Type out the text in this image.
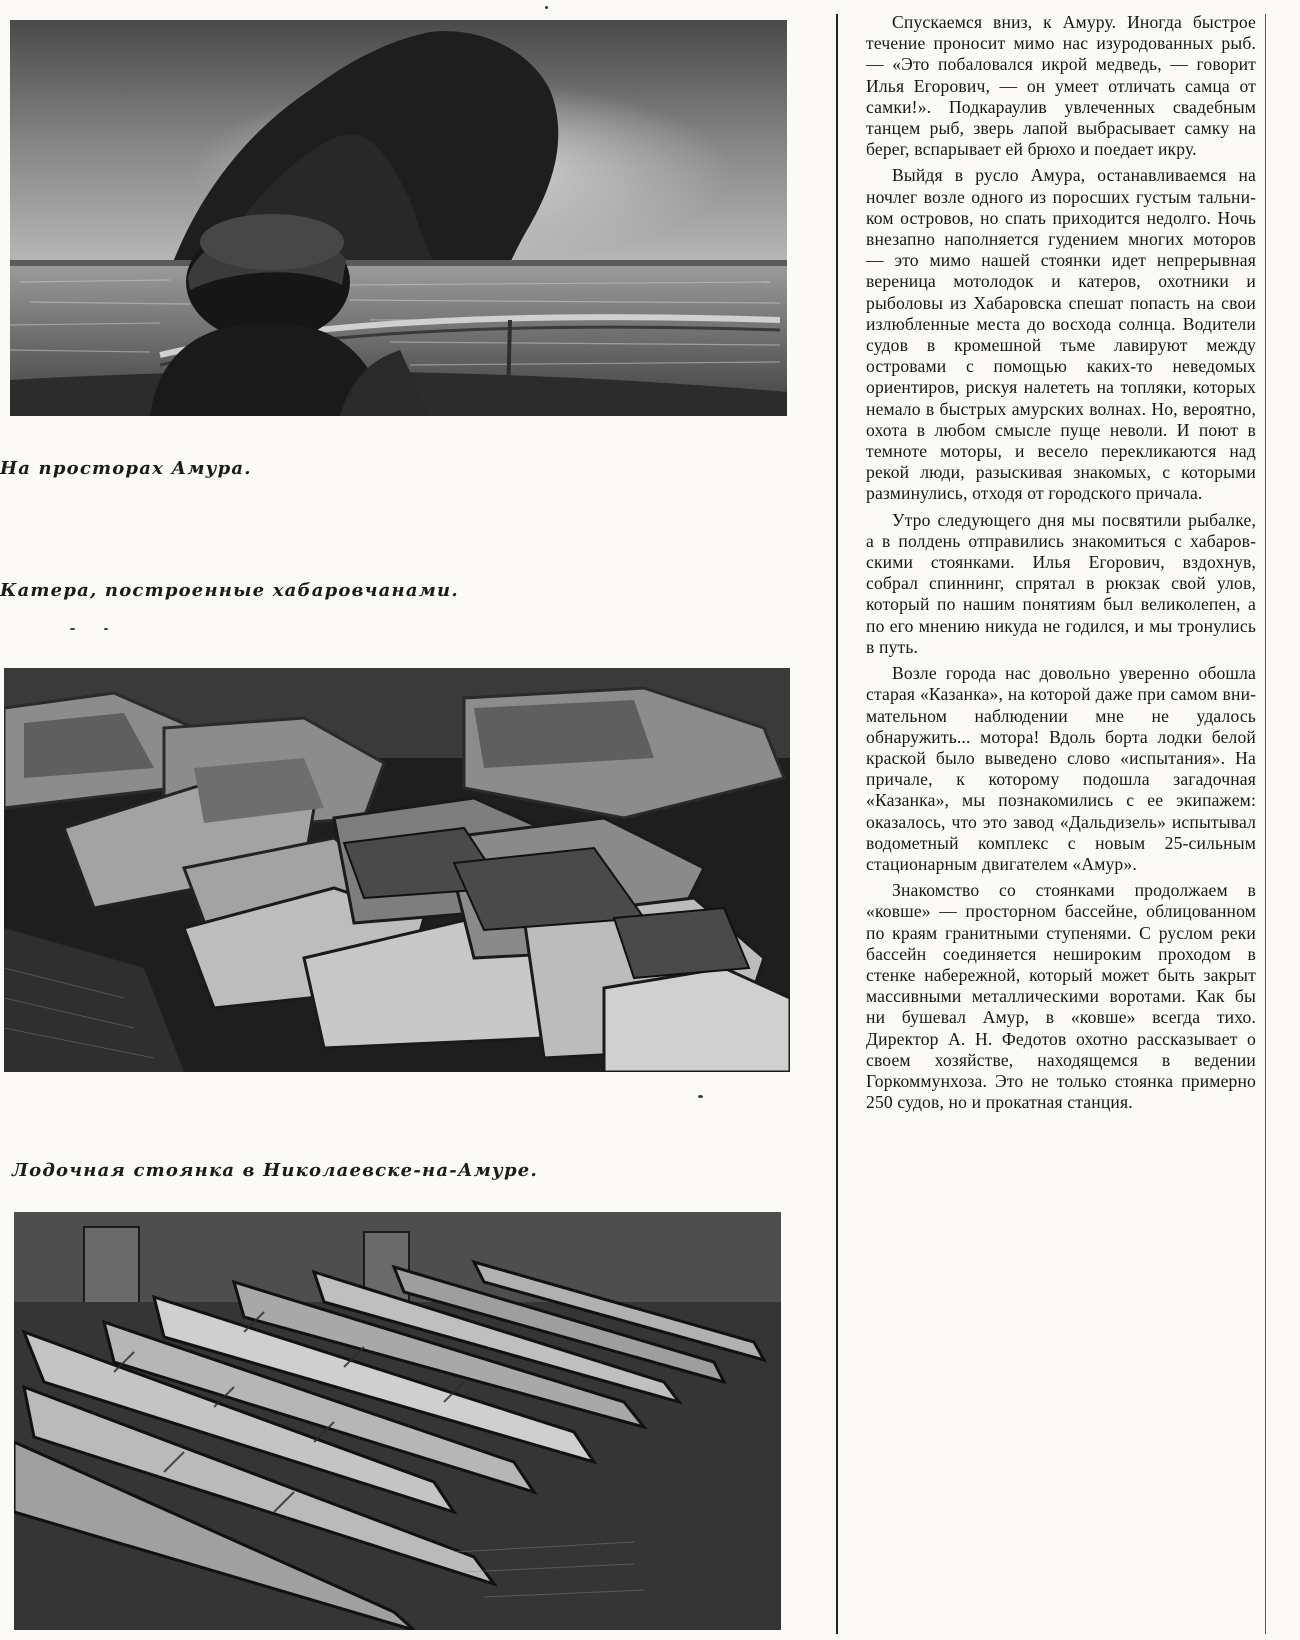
На просторах Амура.
Катера, построенные хабаровчанами.
Лодочная стоянка в Николаевске-на-Амуре.

Спускаемся вниз, к Амуру. Иногда быстрое течение проносит мимо нас изуродованных рыб. — «Это побаловался икрой медведь, — говорит Илья Егорович, — он умеет отличать самца от самки!». Подкараулив увлеченных свадебным танцем рыб, зверь лапой выбрасывает самку на берег, вспарывает ей брюхо и поедает икру.

Выйдя в русло Амура, останавливаемся на ночлег возле одного из поросших густым тальником островов, но спать приходится недолго. Ночь внезапно наполняется гудением многих моторов — это мимо нашей стоянки идет непрерывная вереница мотолодок и катеров, охотники и рыболовы из Хабаровска спешат попасть на свои излюбленные места до восхода солнца. Водители судов в кромешной тьме лавируют между островами с помощью каких-то неведомых ориентиров, рискуя налететь на топляки, которых немало в быстрых амурских волнах. Но, вероятно, охота в любом смысле пуще неволи. И поют в темноте моторы, и весело перекликаются над рекой люди, разыскивая знакомых, с которыми разминулись, отходя от городского причала.

Утро следующего дня мы посвятили рыбалке, а в полдень отправились знакомиться с хабаровскими стоянками. Илья Егорович, вздохнув, собрал спиннинг, спрятал в рюкзак свой улов, который по нашим понятиям был великолепен, а по его мнению никуда не годился, и мы тронулись в путь.

Возле города нас довольно уверенно обошла старая «Казанка», на которой даже при самом внимательном наблюдении мне не удалось обнаружить... мотора! Вдоль борта лодки белой краской было выведено слово «испытания». На причале, к которому подошла загадочная «Казанка», мы познакомились с ее экипажем: оказалось, что это завод «Дальдизель» испытывал водометный комплекс с новым 25-сильным стационарным двигателем «Амур».

Знакомство со стоянками продолжаем в «ковше» — просторном бассейне, облицованном по краям гранитными ступенями. С руслом реки бассейн соединяется нешироким проходом в стенке набережной, который может быть закрыт массивными металлическими воротами. Как бы ни бушевал Амур, в «ковше» всегда тихо. Директор А. Н. Федотов охотно рассказывает о своем хозяйстве, находящемся в ведении Горкоммунхоза. Это не только стоянка примерно 250 судов, но и прокатная станция.
